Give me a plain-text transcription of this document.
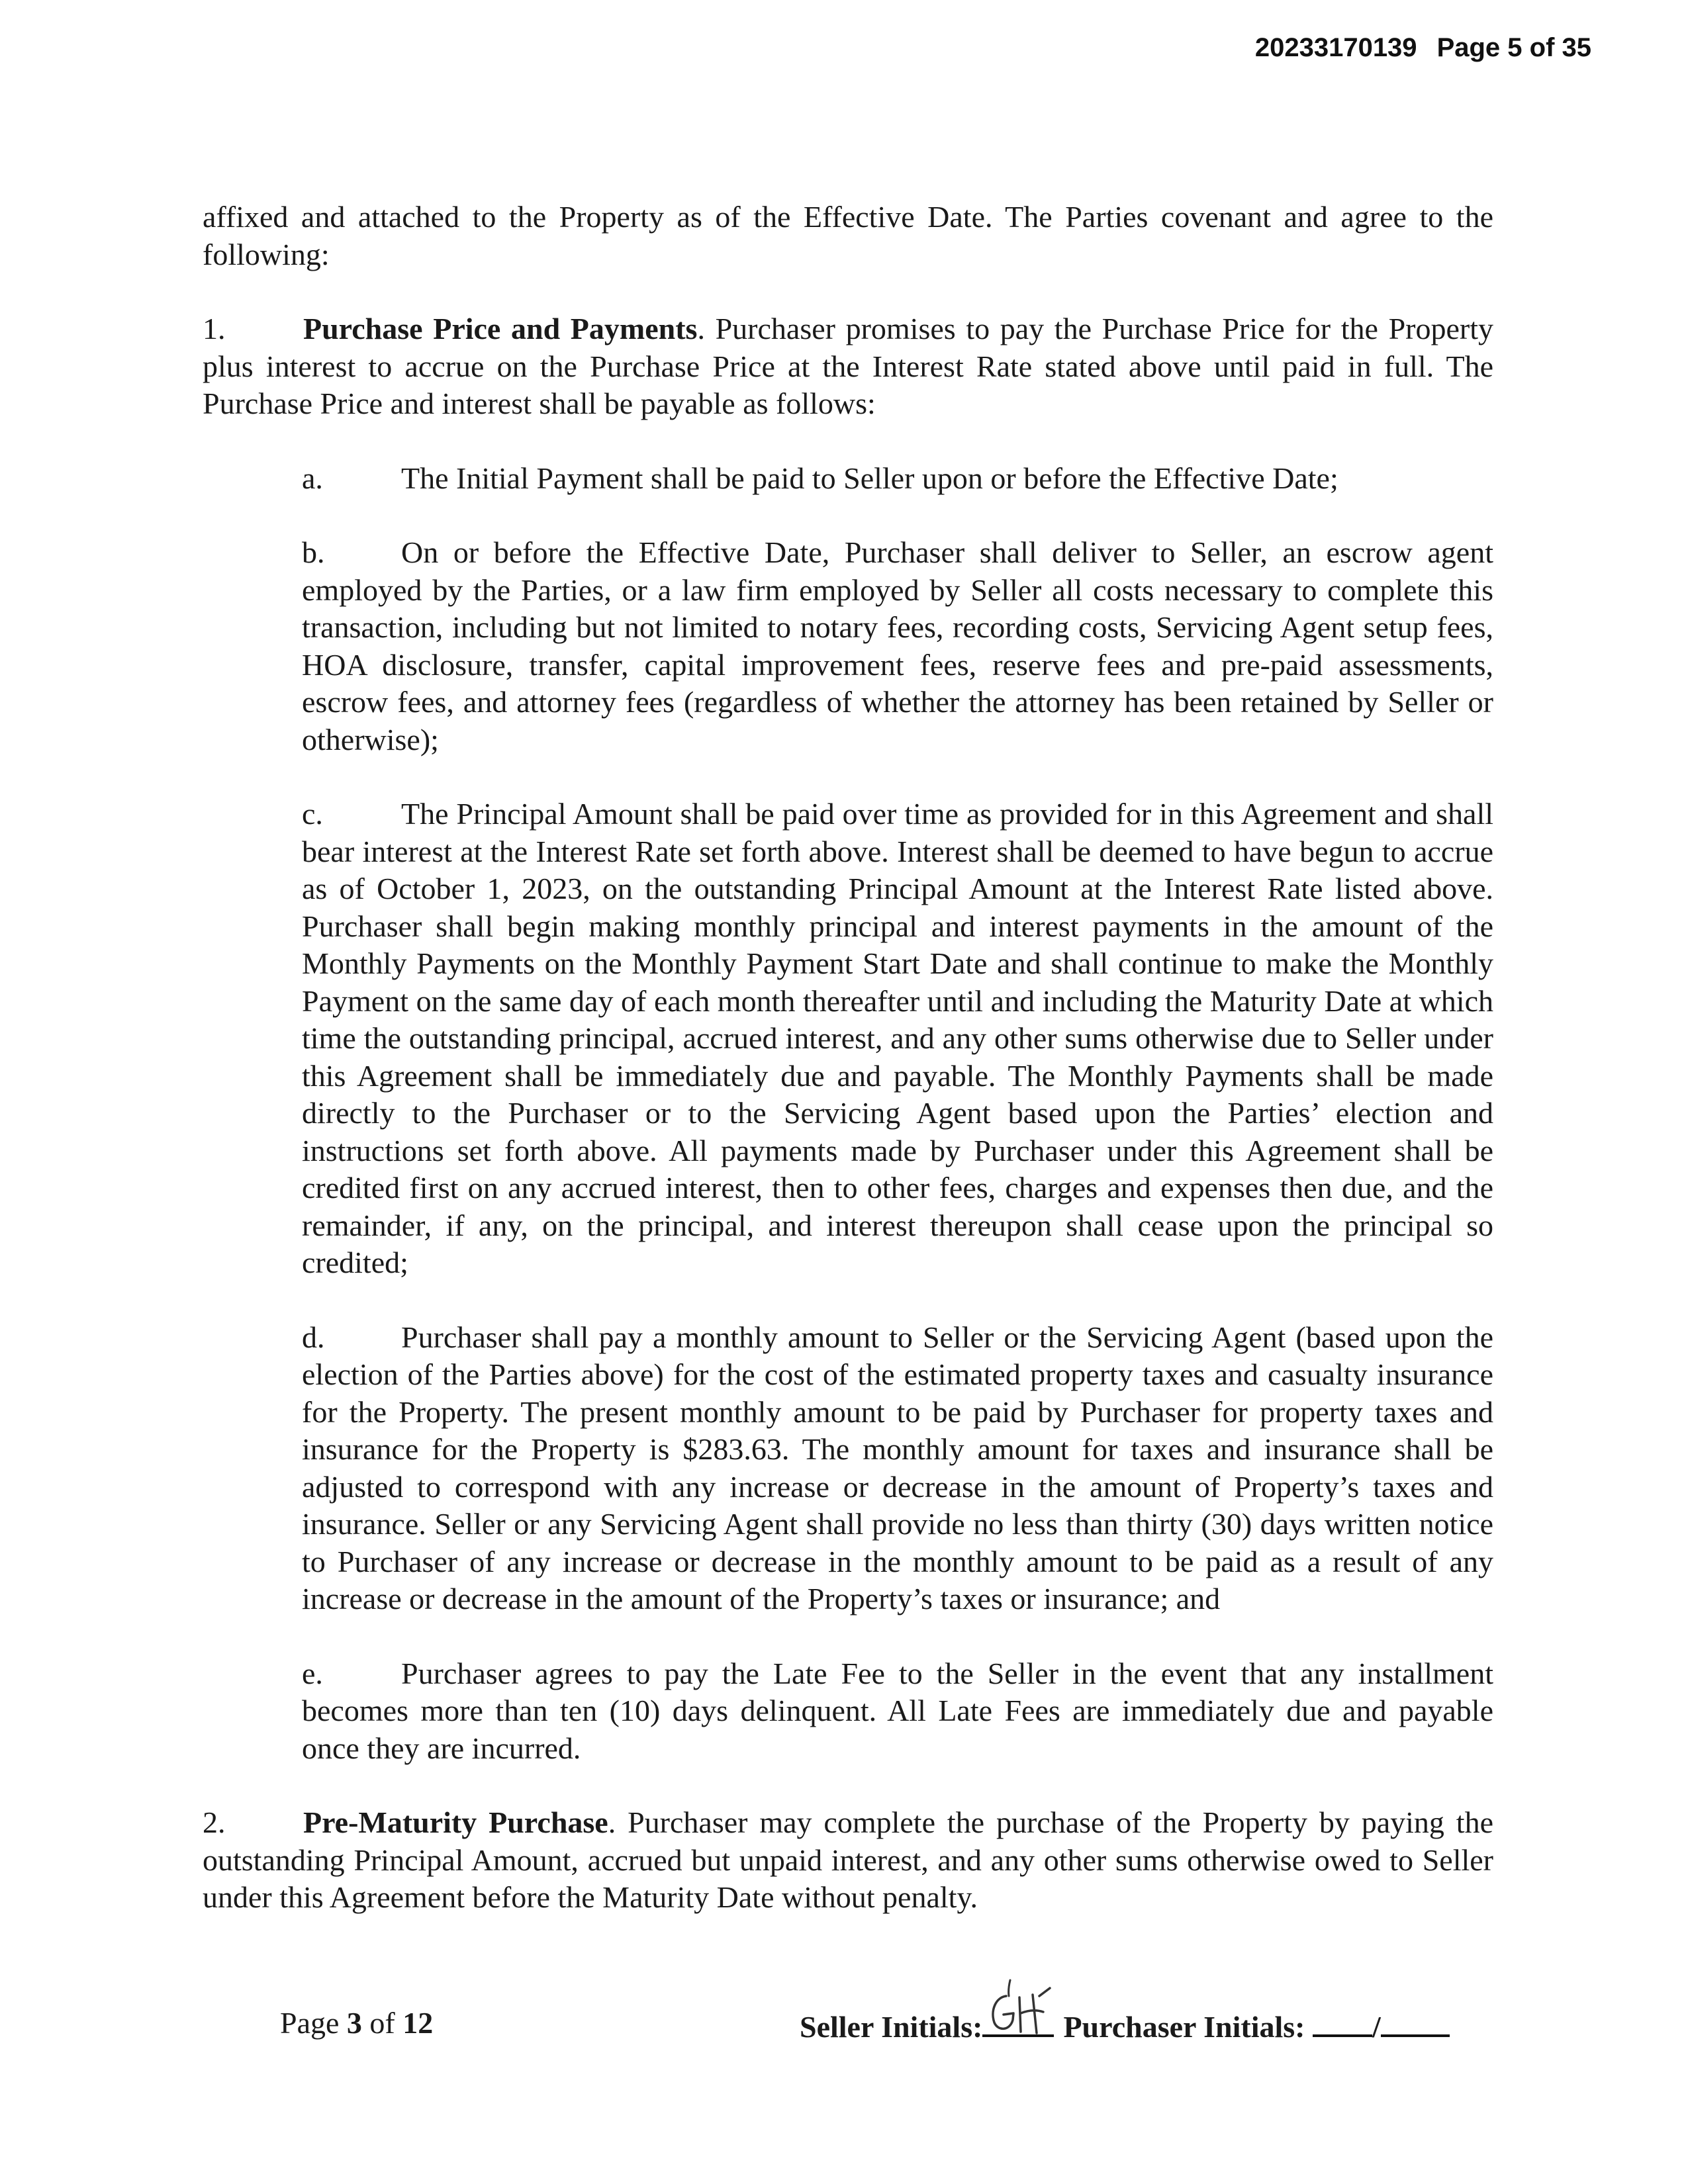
20233170139 Page 5 of 35

affixed and attached to the Property as of the Effective Date. The Parties covenant and agree to the following:

1.	Purchase Price and Payments. Purchaser promises to pay the Purchase Price for the Property plus interest to accrue on the Purchase Price at the Interest Rate stated above until paid in full. The Purchase Price and interest shall be payable as follows:

a.	The Initial Payment shall be paid to Seller upon or before the Effective Date;

b.	On or before the Effective Date, Purchaser shall deliver to Seller, an escrow agent employed by the Parties, or a law firm employed by Seller all costs necessary to complete this transaction, including but not limited to notary fees, recording costs, Servicing Agent setup fees, HOA disclosure, transfer, capital improvement fees, reserve fees and pre-paid assessments, escrow fees, and attorney fees (regardless of whether the attorney has been retained by Seller or otherwise);

c.	The Principal Amount shall be paid over time as provided for in this Agreement and shall bear interest at the Interest Rate set forth above. Interest shall be deemed to have begun to accrue as of October 1, 2023, on the outstanding Principal Amount at the Interest Rate listed above. Purchaser shall begin making monthly principal and interest payments in the amount of the Monthly Payments on the Monthly Payment Start Date and shall continue to make the Monthly Payment on the same day of each month thereafter until and including the Maturity Date at which time the outstanding principal, accrued interest, and any other sums otherwise due to Seller under this Agreement shall be immediately due and payable. The Monthly Payments shall be made directly to the Purchaser or to the Servicing Agent based upon the Parties’ election and instructions set forth above. All payments made by Purchaser under this Agreement shall be credited first on any accrued interest, then to other fees, charges and expenses then due, and the remainder, if any, on the principal, and interest thereupon shall cease upon the principal so credited;

d.	Purchaser shall pay a monthly amount to Seller or the Servicing Agent (based upon the election of the Parties above) for the cost of the estimated property taxes and casualty insurance for the Property. The present monthly amount to be paid by Purchaser for property taxes and insurance for the Property is $283.63. The monthly amount for taxes and insurance shall be adjusted to correspond with any increase or decrease in the amount of Property’s taxes and insurance. Seller or any Servicing Agent shall provide no less than thirty (30) days written notice to Purchaser of any increase or decrease in the monthly amount to be paid as a result of any increase or decrease in the amount of the Property’s taxes or insurance; and

e.	Purchaser agrees to pay the Late Fee to the Seller in the event that any installment becomes more than ten (10) days delinquent. All Late Fees are immediately due and payable once they are incurred.

2.	Pre-Maturity Purchase. Purchaser may complete the purchase of the Property by paying the outstanding Principal Amount, accrued but unpaid interest, and any other sums otherwise owed to Seller under this Agreement before the Maturity Date without penalty.

Page 3 of 12	Seller Initials:	Purchaser Initials: /
